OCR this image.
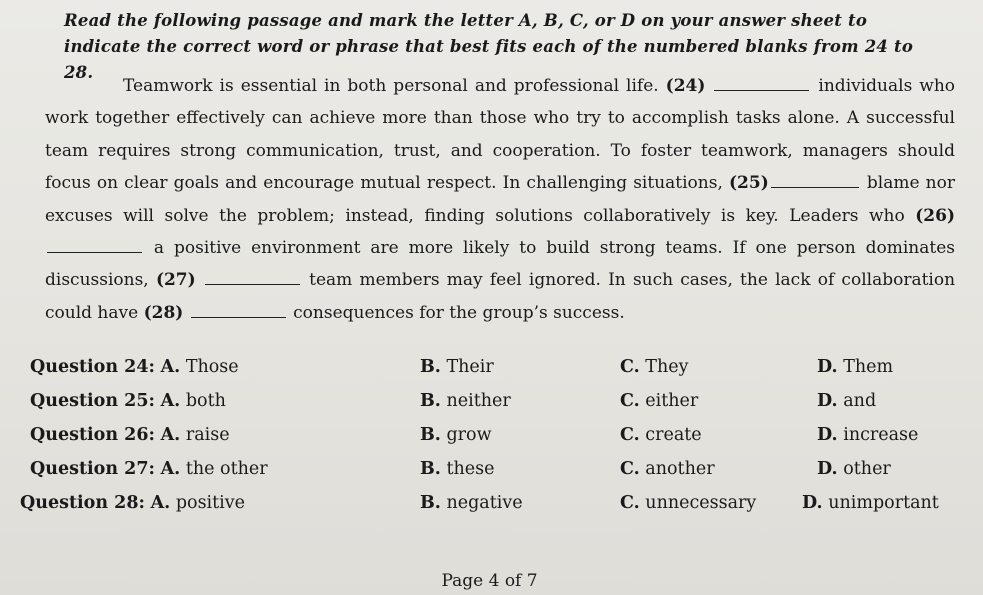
Read the following passage and mark the letter A, B, C, or D on your answer sheet to indicate the correct word or phrase that best fits each of the numbered blanks from 24 to 28.

Teamwork is essential in both personal and professional life. (24)	individuals who work together effectively can achieve more than those who try to accomplish tasks alone. A successful team requires strong communication, trust, and cooperation. To foster teamwork, managers should focus on clear goals and encourage mutual respect. In challenging situations, (25)	blame nor excuses will solve the problem; instead, finding solutions collaboratively is key. Leaders who (26)  a positive environment are more likely to build strong teams. If one person dominates discussions, (27)	team members may feel ignored. In such cases, the lack of collaboration could have (28)	consequences for the group’s success.

Question 24: A. Those	B. Their	C. They	D. Them
Question 25: A. both	B. neither	C. either	D. and
Question 26: A. raise	B. grow	C. create	D. increase
Question 27: A. the other	B. these	C. another	D. other
Question 28: A. positive	B. negative	C. unnecessary	D. unimportant
Page 4 of 7
